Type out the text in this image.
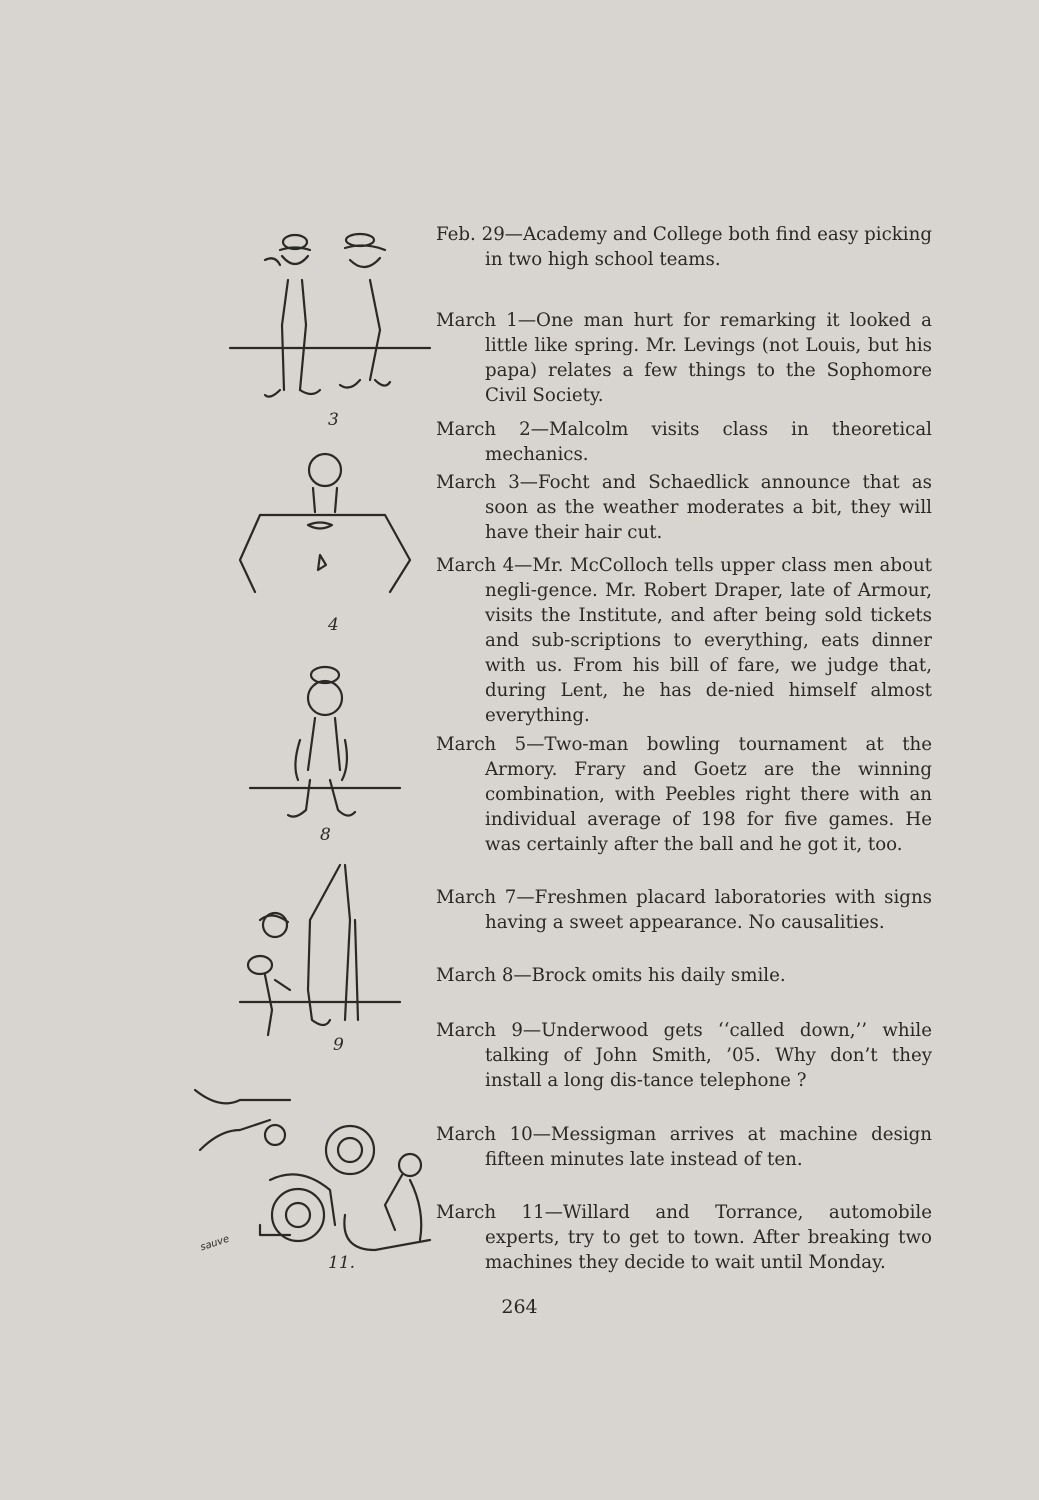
3
4
8
9
11.
sauve
Feb. 29—Academy and College both find easy picking in two high school teams.
March 1—One man hurt for remarking it looked a little like spring. Mr. Levings (not Louis, but his papa) relates a few things to the Sophomore Civil Society.
March 2—Malcolm visits class in theoretical mechanics.
March 3—Focht and Schaedlick announce that as soon as the weather moderates a bit, they will have their hair cut.
March 4—Mr. McColloch tells upper class men about negli-gence. Mr. Robert Draper, late of Armour, visits the Institute, and after being sold tickets and sub-scriptions to everything, eats dinner with us. From his bill of fare, we judge that, during Lent, he has de-nied himself almost everything.
March 5—Two-man bowling tournament at the Armory. Frary and Goetz are the winning combination, with Peebles right there with an individual average of 198 for five games. He was certainly after the ball and he got it, too.
March 7—Freshmen placard laboratories with signs having a sweet appearance. No causalities.
March 8—Brock omits his daily smile.
March 9—Underwood gets ‘‘called down,’’ while talking of John Smith, ’05. Why don’t they install a long dis-tance telephone ?
March 10—Messigman arrives at machine design fifteen minutes late instead of ten.
March 11—Willard and Torrance, automobile experts, try to get to town. After breaking two machines they decide to wait until Monday.
264
